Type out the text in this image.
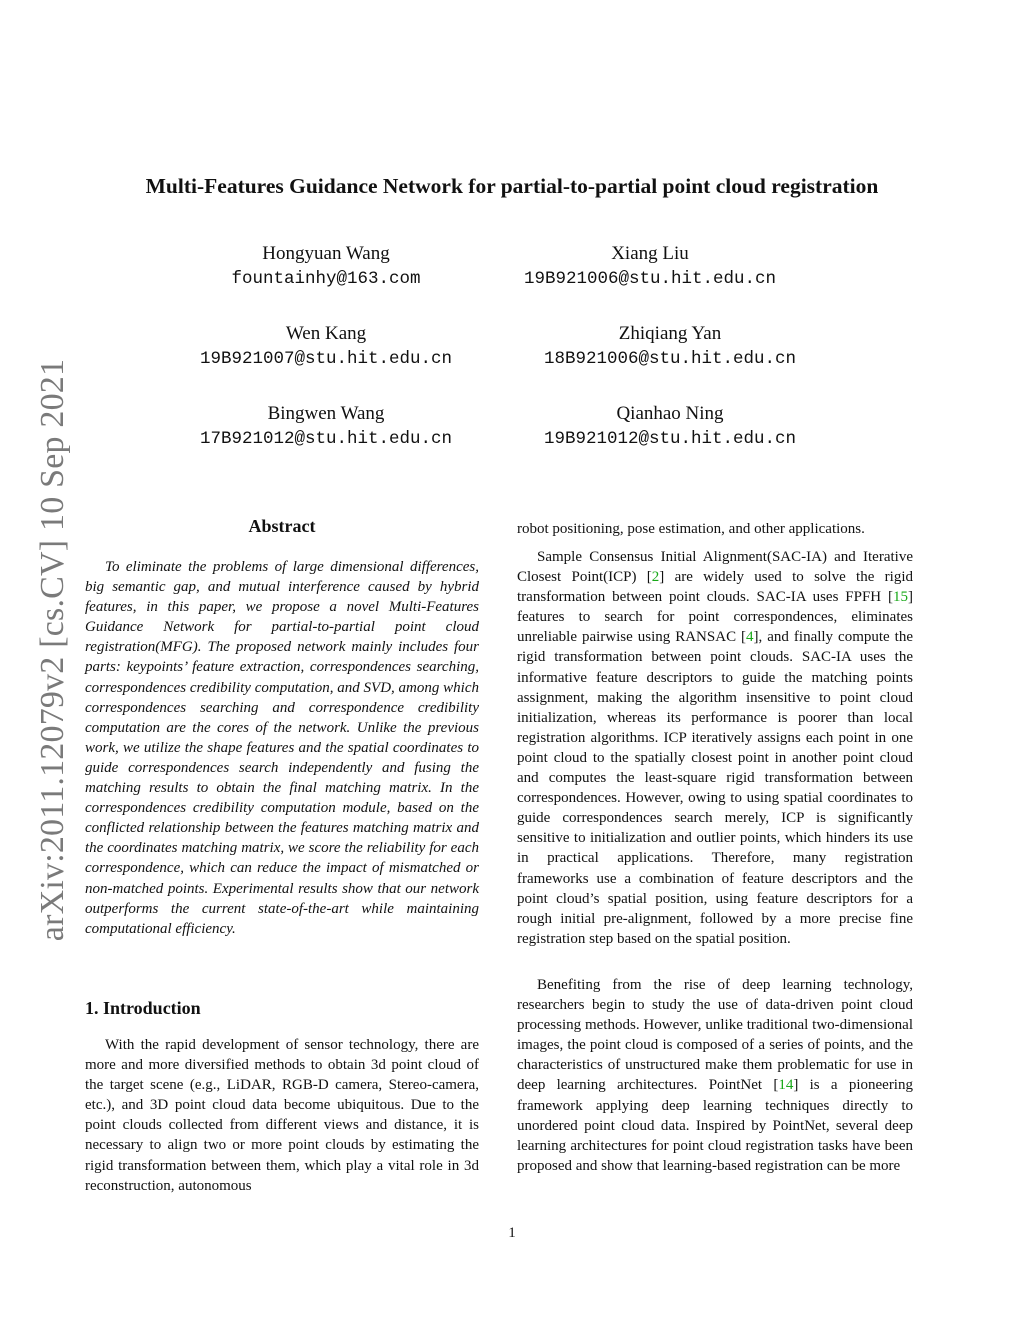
arXiv:2011.12079v2 [cs.CV] 10 Sep 2021
Multi-Features Guidance Network for partial-to-partial point cloud registration
Hongyuan Wang
fountainhy@163.com
Xiang Liu
19B921006@stu.hit.edu.cn
Wen Kang
19B921007@stu.hit.edu.cn
Zhiqiang Yan
18B921006@stu.hit.edu.cn
Bingwen Wang
17B921012@stu.hit.edu.cn
Qianhao Ning
19B921012@stu.hit.edu.cn
Abstract
To eliminate the problems of large dimensional differences, big semantic gap, and mutual interference caused by hybrid features, in this paper, we propose a novel Multi-Features Guidance Network for partial-to-partial point cloud registration(MFG). The proposed network mainly includes four parts: keypoints’ feature extraction, correspondences searching, correspondences credibility computation, and SVD, among which correspondences searching and correspondence credibility computation are the cores of the network. Unlike the previous work, we utilize the shape features and the spatial coordinates to guide correspondences search independently and fusing the matching results to obtain the final matching matrix. In the correspondences credibility computation module, based on the conflicted relationship between the features matching matrix and the coordinates matching matrix, we score the reliability for each correspondence, which can reduce the impact of mismatched or non-matched points. Experimental results show that our network outperforms the current state-of-the-art while maintaining computational efficiency.
1. Introduction
With the rapid development of sensor technology, there are more and more diversified methods to obtain 3d point cloud of the target scene (e.g., LiDAR, RGB-D camera, Stereo-camera, etc.), and 3D point cloud data become ubiquitous. Due to the point clouds collected from different views and distance, it is necessary to align two or more point clouds by estimating the rigid transformation between them, which play a vital role in 3d reconstruction, autonomous

robot positioning, pose estimation, and other applications.

Sample Consensus Initial Alignment(SAC-IA) and Iterative Closest Point(ICP) [2] are widely used to solve the rigid transformation between point clouds. SAC-IA uses FPFH [15] features to search for point correspondences, eliminates unreliable pairwise using RANSAC [4], and finally compute the rigid transformation between point clouds. SAC-IA uses the informative feature descriptors to guide the matching points assignment, making the algorithm insensitive to point cloud initialization, whereas its performance is poorer than local registration algorithms. ICP iteratively assigns each point in one point cloud to the spatially closest point in another point cloud and computes the least-square rigid transformation between correspondences. However, owing to using spatial coordinates to guide correspondences search merely, ICP is significantly sensitive to initialization and outlier points, which hinders its use in practical applications. Therefore, many registration frameworks use a combination of feature descriptors and the point cloud’s spatial position, using feature descriptors for a rough initial pre-alignment, followed by a more precise fine registration step based on the spatial position.

Benefiting from the rise of deep learning technology, researchers begin to study the use of data-driven point cloud processing methods. However, unlike traditional two-dimensional images, the point cloud is composed of a series of points, and the characteristics of unstructured make them problematic for use in deep learning architectures. PointNet [14] is a pioneering framework applying deep learning techniques directly to unordered point cloud data. Inspired by PointNet, several deep learning architectures for point cloud registration tasks have been proposed and show that learning-based registration can be more

1
